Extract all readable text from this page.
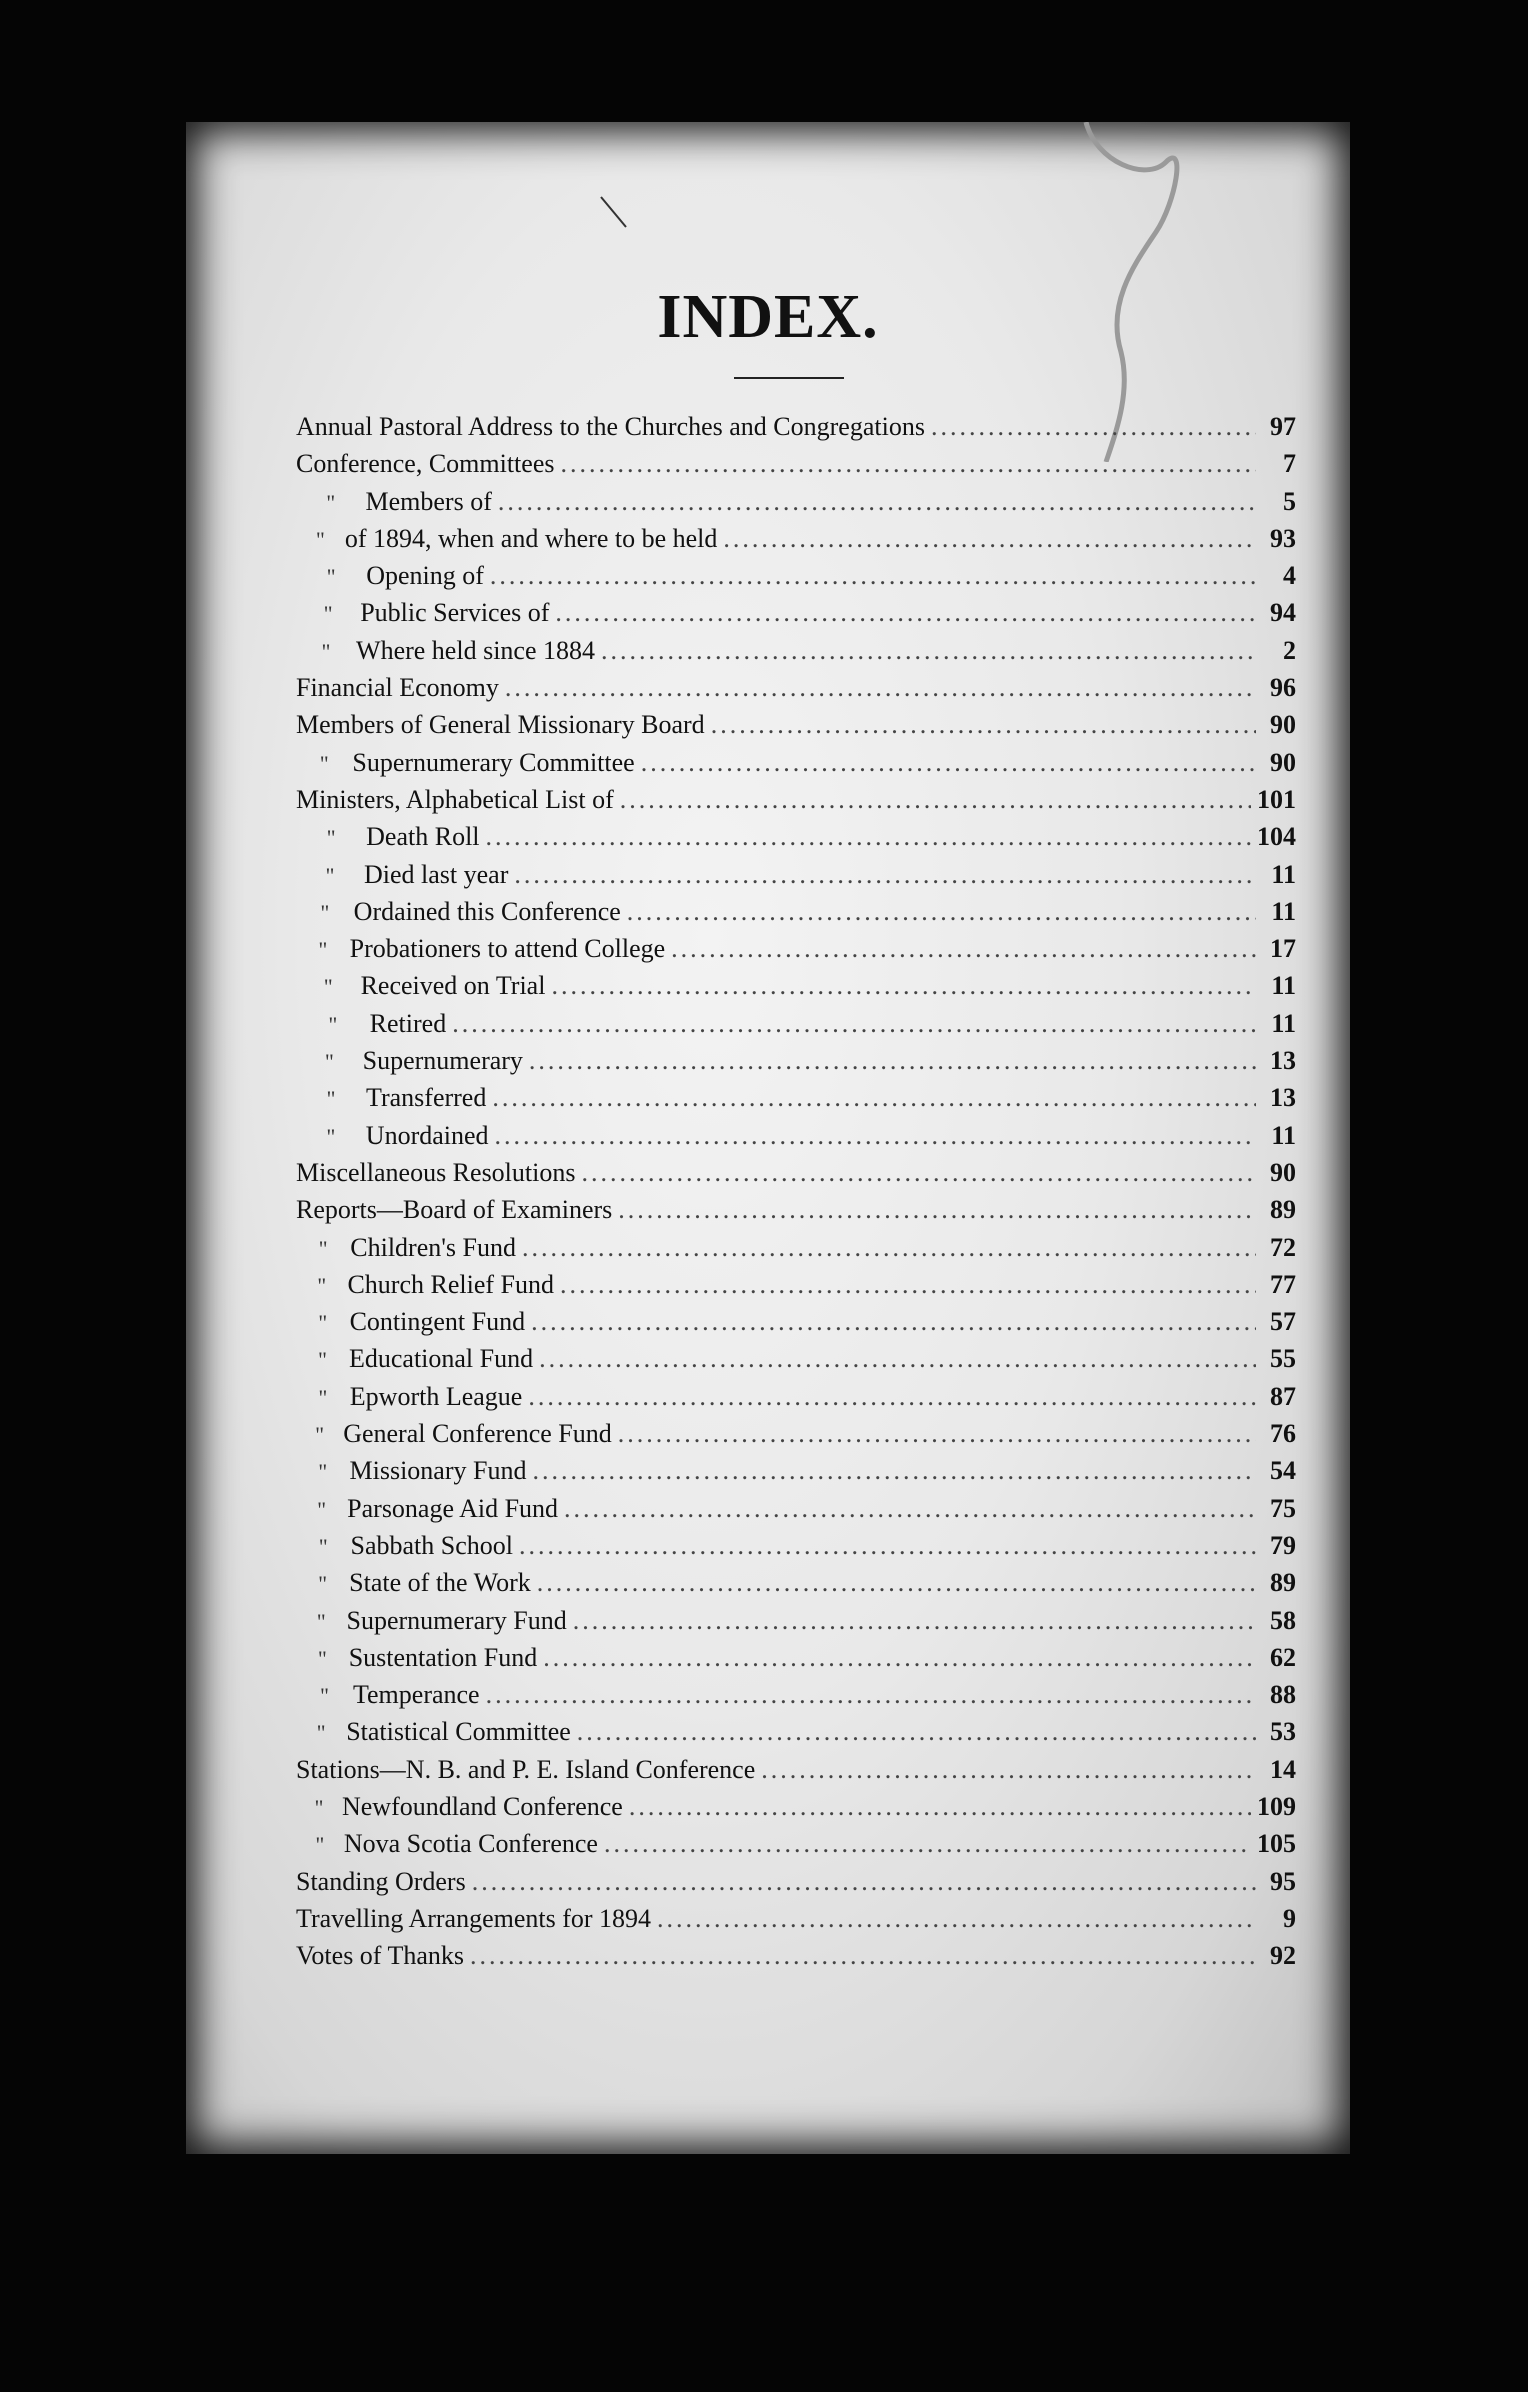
INDEX.
Annual Pastoral Address to the Churches and Congregations .....	97
Conference, Committees .....	7
"	Members of .....	5
" of 1894, when and where to be held .....	93
"	Opening of .....	4
"	Public Services of .....	94
" Where held since 1884 .....	2
Financial Economy .....	96
Members of General Missionary Board .....	90
" Supernumerary Committee .....	90
Ministers, Alphabetical List of .....	101
"	Death Roll .....	104
"	Died last year .....	11
" Ordained this Conference .....	11
" Probationers to attend College .....	17
"	Received on Trial .....	11
"	Retired .....	11
"	Supernumerary .....	13
"	Transferred .....	13
"	Unordained .....	11
Miscellaneous Resolutions .....	90
Reports—Board of Examiners .....	89
" Children's Fund .....	72
" Church Relief Fund .....	77
" Contingent Fund .....	57
" Educational Fund .....	55
" Epworth League .....	87
" General Conference Fund .....	76
" Missionary Fund .....	54
" Parsonage Aid Fund .....	75
" Sabbath School .....	79
" State of the Work .....	89
" Supernumerary Fund .....	58
" Sustentation Fund .....	62
" Temperance .....	88
" Statistical Committee .....	53
Stations—N. B. and P. E. Island Conference .....	14
" Newfoundland Conference .....	109
" Nova Scotia Conference .....	105
Standing Orders .....	95
Travelling Arrangements for 1894 .....	9
Votes of Thanks .....	92
